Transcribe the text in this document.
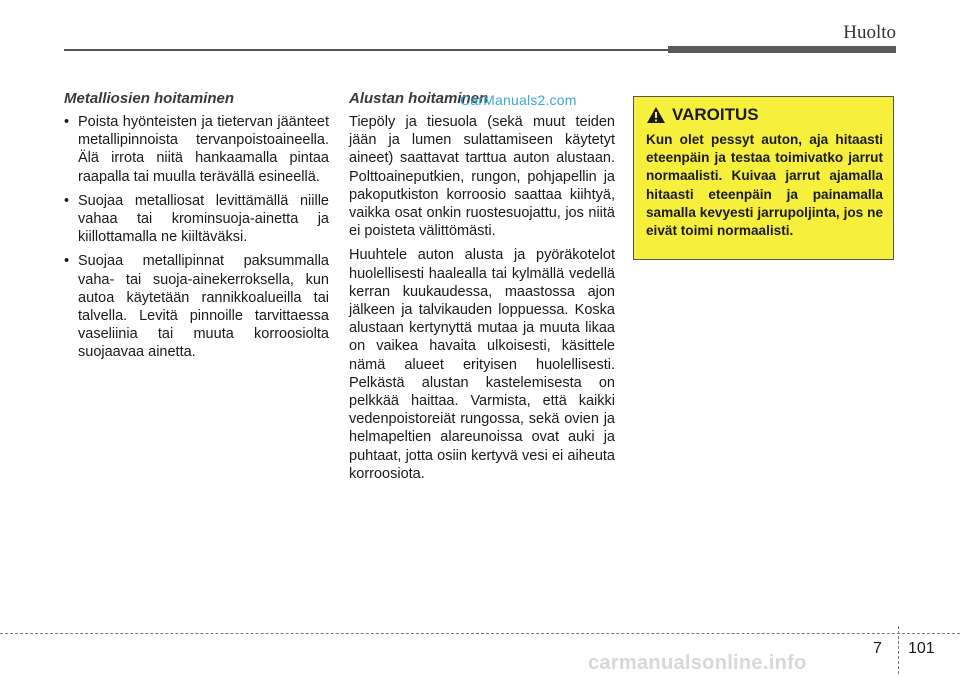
Huolto
Metalliosien hoitaminen
• Poista hyönteisten ja tietervan jäänteet metallipinnoista tervanpoistoaineella. Älä irrota niitä hankaamalla pintaa raapalla tai muulla terävällä esineellä.
• Suojaa metalliosat levittämällä niille vahaa tai krominsuoja-ainetta ja kiillottamalla ne kiiltäväksi.
• Suojaa metallipinnat paksummalla vaha- tai suoja-ainekerroksella, kun autoa käytetään rannikkoalueilla tai talvella. Levitä pinnoille tarvittaessa vaseliinia tai muuta korroosiolta suojaavaa ainetta.
Alustan hoitaminen

Tiepöly ja tiesuola (sekä muut teiden jään ja lumen sulattamiseen käytetyt aineet) saattavat tarttua auton alustaan. Polttoaineputkien, rungon, pohjapellin ja pakoputkiston korroosio saattaa kiihtyä, vaikka osat onkin ruostesuojattu, jos niitä ei poisteta välittömästi.

Huuhtele auton alusta ja pyöräkotelot huolellisesti haalealla tai kylmällä vedellä kerran kuukaudessa, maastossa ajon jälkeen ja talvikauden loppuessa. Koska alustaan kertynyttä mutaa ja muuta likaa on vaikea havaita ulkoisesti, käsittele nämä alueet erityisen huolellisesti. Pelkästä alustan kastelemisesta on pelkkää haittaa. Varmista, että kaikki vedenpoistoreiät rungossa, sekä ovien ja helmapeltien alareunoissa ovat auki ja puhtaat, jotta osiin kertyvä vesi ei aiheuta korroosiota.

CarManuals2.com
VAROITUS

Kun olet pessyt auton, aja hitaasti eteenpäin ja testaa toimivatko jarrut normaalisti. Kuivaa jarrut ajamalla hitaasti eteenpäin ja painamalla samalla kevyesti jarrupoljinta, jos ne eivät toimi normaalisti.

7 101
carmanualsonline.info
